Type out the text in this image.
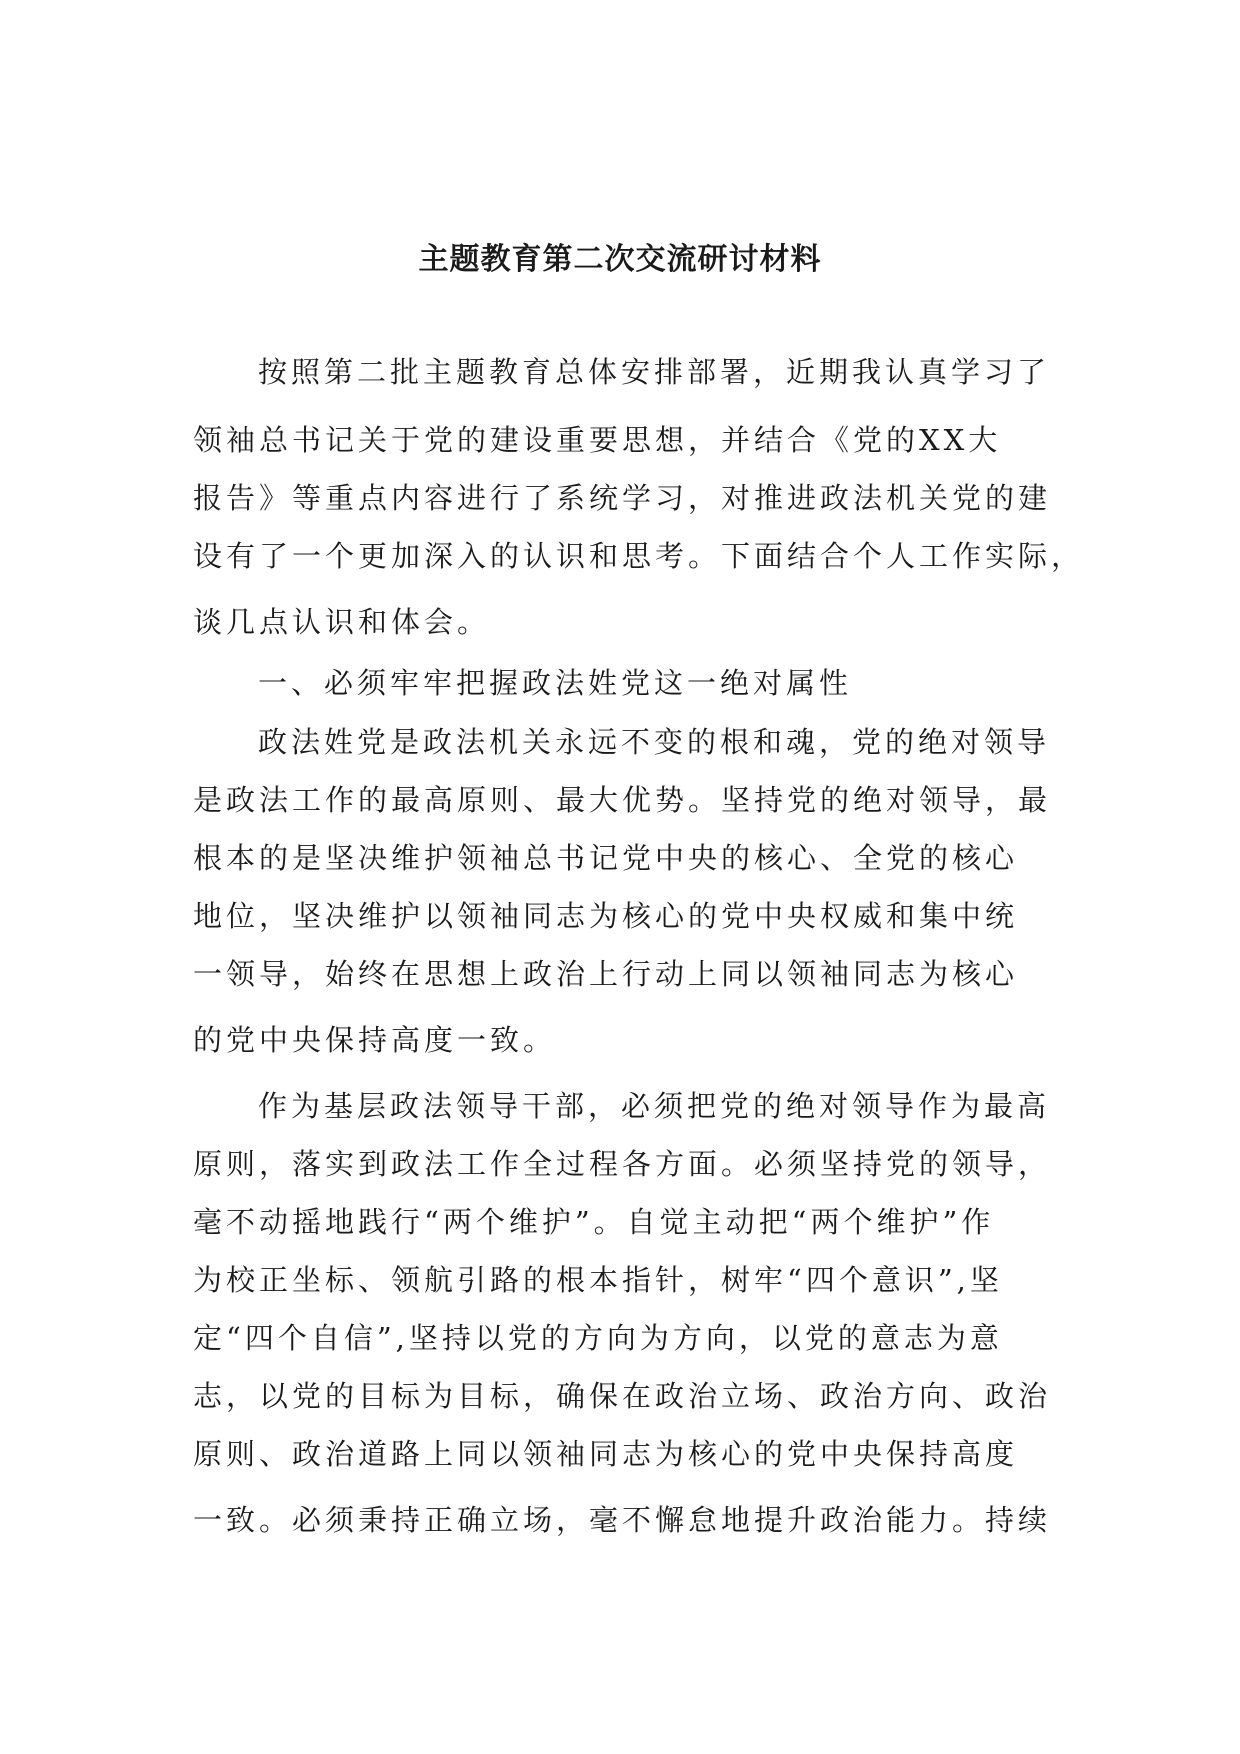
主题教育第二次交流研讨材料
按照第二批主题教育总体安排部署，近期我认真学习了
领袖总书记关于党的建设重要思想，并结合《党的XX大
报告》等重点内容进行了系统学习，对推进政法机关党的建
设有了一个更加深入的认识和思考。下面结合个人工作实际，
谈几点认识和体会。
一、必须牢牢把握政法姓党这一绝对属性
政法姓党是政法机关永远不变的根和魂，党的绝对领导
是政法工作的最高原则、最大优势。坚持党的绝对领导，最
根本的是坚决维护领袖总书记党中央的核心、全党的核心
地位，坚决维护以领袖同志为核心的党中央权威和集中统
一领导，始终在思想上政治上行动上同以领袖同志为核心
的党中央保持高度一致。
作为基层政法领导干部，必须把党的绝对领导作为最高
原则，落实到政法工作全过程各方面。必须坚持党的领导，
毫不动摇地践行“两个维护”。自觉主动把“两个维护”作
为校正坐标、领航引路的根本指针，树牢“四个意识”,坚
定“四个自信”,坚持以党的方向为方向，以党的意志为意
志，以党的目标为目标，确保在政治立场、政治方向、政治
原则、政治道路上同以领袖同志为核心的党中央保持高度
一致。必须秉持正确立场，毫不懈怠地提升政治能力。持续
